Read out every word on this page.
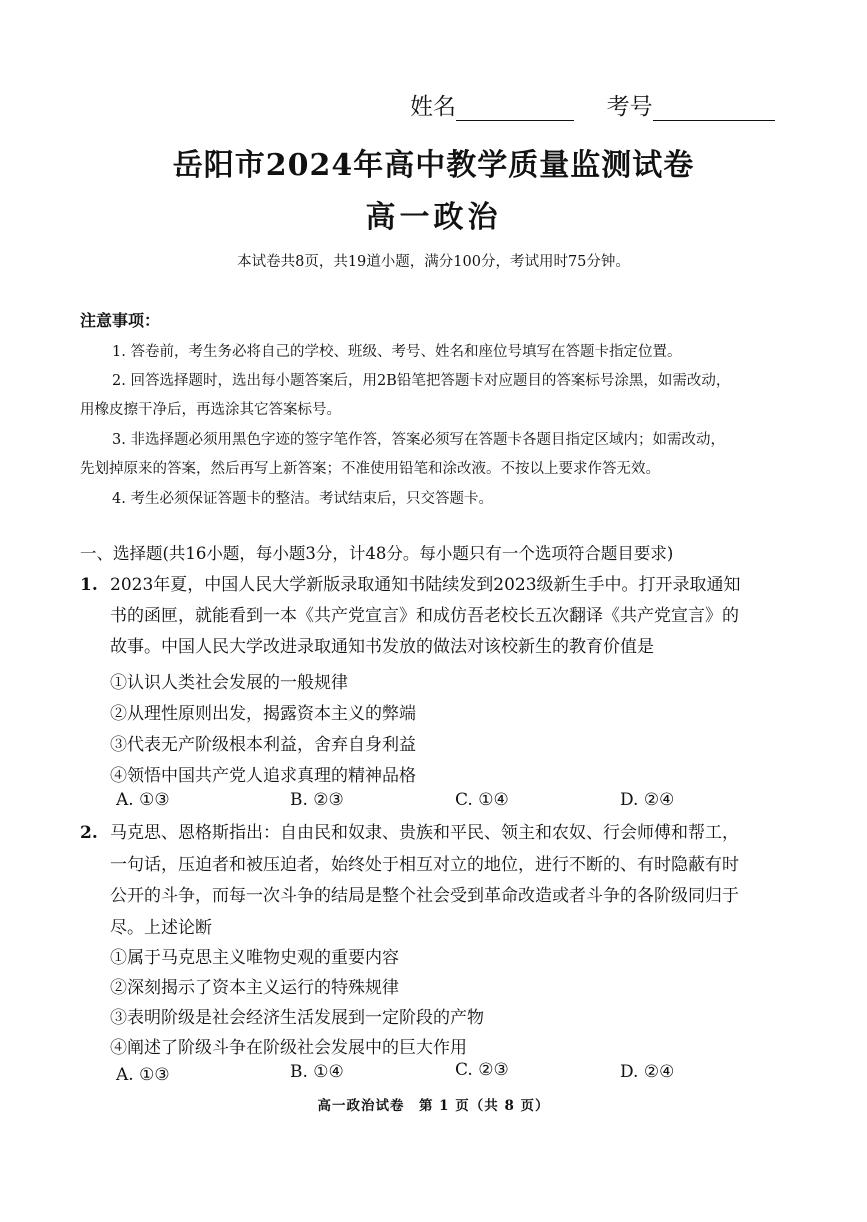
姓名	考号
岳阳市2024年高中教学质量监测试卷
高一政治
本试卷共8页，共19道小题，满分100分，考试用时75分钟。
注意事项：
1. 答卷前，考生务必将自己的学校、班级、考号、姓名和座位号填写在答题卡指定位置。
2. 回答选择题时，选出每小题答案后，用2B铅笔把答题卡对应题目的答案标号涂黑，如需改动，
用橡皮擦干净后，再选涂其它答案标号。
3. 非选择题必须用黑色字迹的签字笔作答，答案必须写在答题卡各题目指定区域内；如需改动，
先划掉原来的答案，然后再写上新答案；不准使用铅笔和涂改液。不按以上要求作答无效。
4. 考生必须保证答题卡的整洁。考试结束后，只交答题卡。
一、选择题(共16小题，每小题3分，计48分。每小题只有一个选项符合题目要求)
1. 2023年夏，中国人民大学新版录取通知书陆续发到2023级新生手中。打开录取通知
书的函匣，就能看到一本《共产党宣言》和成仿吾老校长五次翻译《共产党宣言》的
故事。中国人民大学改进录取通知书发放的做法对该校新生的教育价值是
①认识人类社会发展的一般规律
②从理性原则出发，揭露资本主义的弊端
③代表无产阶级根本利益，舍弃自身利益
④领悟中国共产党人追求真理的精神品格
A. ①③	B. ②③	C. ①④	D. ②④
2. 马克思、恩格斯指出：自由民和奴隶、贵族和平民、领主和农奴、行会师傅和帮工，
一句话，压迫者和被压迫者，始终处于相互对立的地位，进行不断的、有时隐蔽有时
公开的斗争，而每一次斗争的结局是整个社会受到革命改造或者斗争的各阶级同归于
尽。上述论断
①属于马克思主义唯物史观的重要内容
②深刻揭示了资本主义运行的特殊规律
③表明阶级是社会经济生活发展到一定阶段的产物
④阐述了阶级斗争在阶级社会发展中的巨大作用
A. ①③	B. ①④	C. ②③	D. ②④
高一政治试卷　第 1 页（共 8 页）
